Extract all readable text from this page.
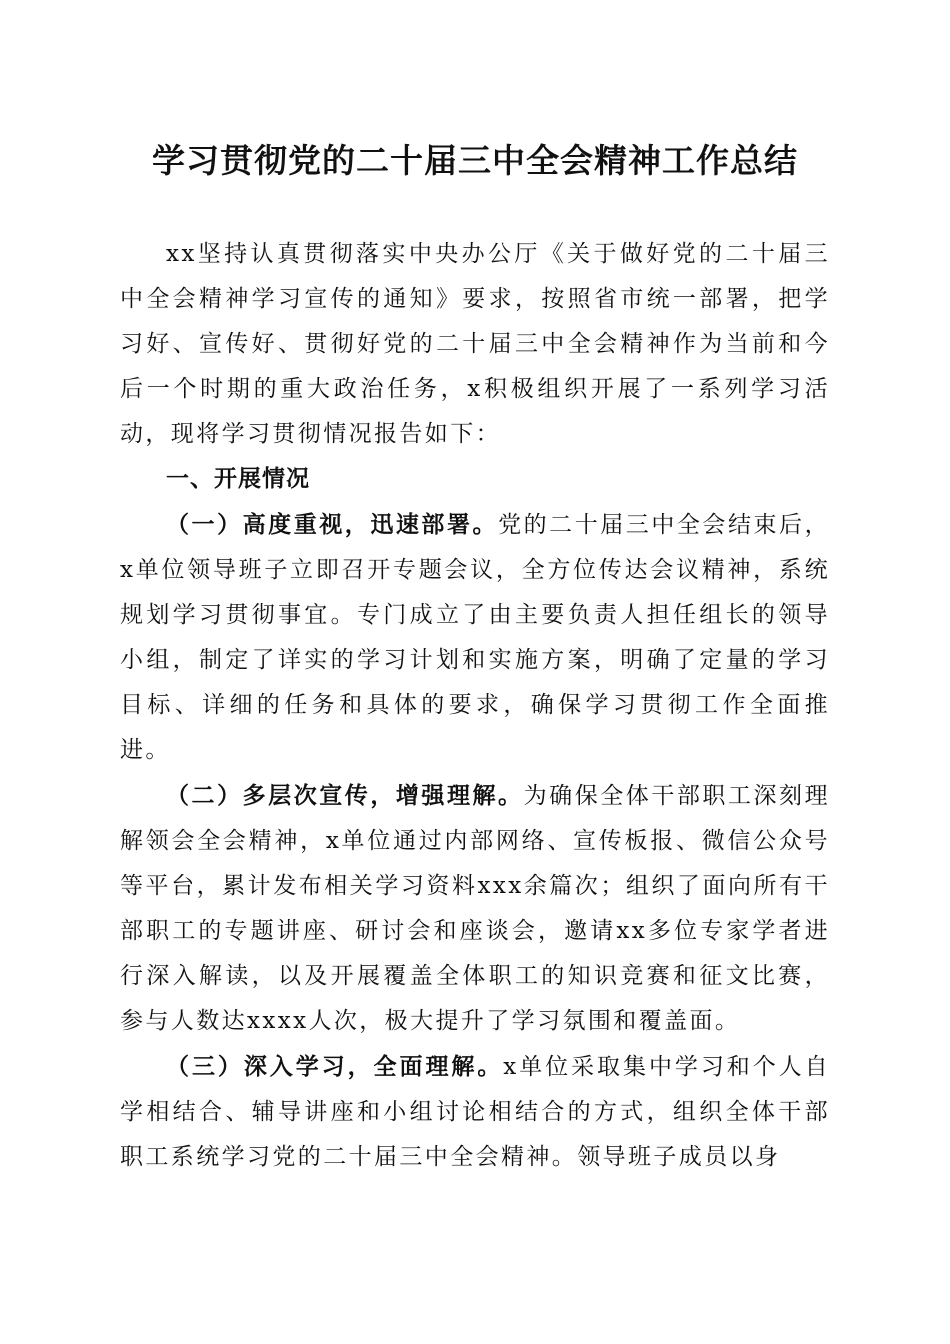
学习贯彻党的二十届三中全会精神工作总结

xx坚持认真贯彻落实中央办公厅《关于做好党的二十届三中全会精神学习宣传的通知》要求，按照省市统一部署，把学习好、宣传好、贯彻好党的二十届三中全会精神作为当前和今后一个时期的重大政治任务，x积极组织开展了一系列学习活动，现将学习贯彻情况报告如下：

一、开展情况

（一）高度重视，迅速部署。党的二十届三中全会结束后，x单位领导班子立即召开专题会议，全方位传达会议精神，系统规划学习贯彻事宜。专门成立了由主要负责人担任组长的领导小组，制定了详实的学习计划和实施方案，明确了定量的学习目标、详细的任务和具体的要求，确保学习贯彻工作全面推进。

（二）多层次宣传，增强理解。为确保全体干部职工深刻理解领会全会精神，x单位通过内部网络、宣传板报、微信公众号等平台，累计发布相关学习资料xxx余篇次；组织了面向所有干部职工的专题讲座、研讨会和座谈会，邀请xx多位专家学者进行深入解读，以及开展覆盖全体职工的知识竞赛和征文比赛，参与人数达xxxx人次，极大提升了学习氛围和覆盖面。

（三）深入学习，全面理解。x单位采取集中学习和个人自学相结合、辅导讲座和小组讨论相结合的方式，组织全体干部职工系统学习党的二十届三中全会精神。领导班子成员以身
